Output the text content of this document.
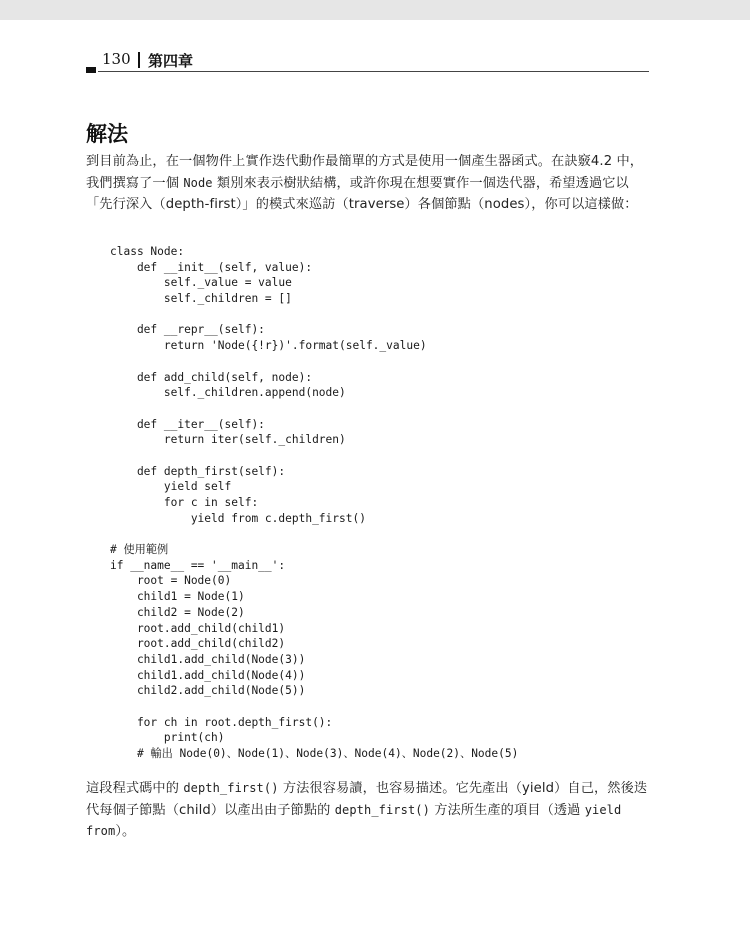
130 第四章
解法

到目前為止，在一個物件上實作迭代動作最簡單的方式是使用一個產生器函式。在訣竅4.2 中，我們撰寫了一個 Node 類別來表示樹狀結構，或許你現在想要實作一個迭代器，希望透過它以「先行深入（depth-first）」的模式來巡訪（traverse）各個節點（nodes），你可以這樣做：

class Node:
def __init__(self, value):
self._value = value
self._children = []
def __repr__(self):
return 'Node({!r})'.format(self._value)
def add_child(self, node):
self._children.append(node)
def __iter__(self):
return iter(self._children)
def depth_first(self):
yield self
for c in self:
yield from c.depth_first()
# 使用範例
if __name__ == '__main__':
root = Node(0)
child1 = Node(1)
child2 = Node(2)
root.add_child(child1)
root.add_child(child2)
child1.add_child(Node(3))
child1.add_child(Node(4))
child2.add_child(Node(5))
for ch in root.depth_first():
print(ch)
# 輸出 Node(0)、Node(1)、Node(3)、Node(4)、Node(2)、Node(5)

這段程式碼中的 depth_first() 方法很容易讀，也容易描述。它先產出（yield）自己，然後迭代每個子節點（child）以產出由子節點的 depth_first() 方法所生產的項目（透過 yield from）。
